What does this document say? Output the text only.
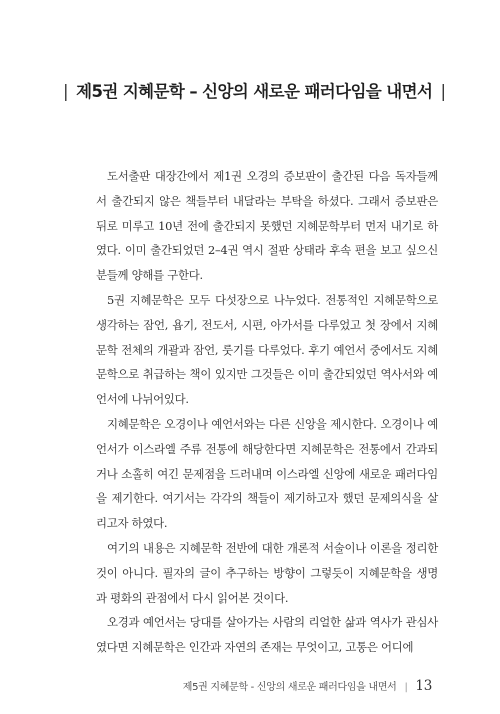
| 제5권 지혜문학 – 신앙의 새로운 패러다임을 내면서 |

도서출판 대장간에서 제1권 오경의 증보판이 출간된 다음 독자들께서 출간되지 않은 책들부터 내달라는 부탁을 하셨다. 그래서 증보판은 뒤로 미루고 10년 전에 출간되지 못했던 지혜문학부터 먼저 내기로 하였다. 이미 출간되었던 2–4권 역시 절판 상태라 후속 편을 보고 싶으신 분들께 양해를 구한다.

5권 지혜문학은 모두 다섯장으로 나누었다. 전통적인 지혜문학으로 생각하는 잠언, 욥기, 전도서, 시편, 아가서를 다루었고 첫 장에서 지혜문학 전체의 개괄과 잠언, 룻기를 다루었다. 후기 예언서 중에서도 지혜문학으로 취급하는 책이 있지만 그것들은 이미 출간되었던 역사서와 예언서에 나뉘어있다.

지혜문학은 오경이나 예언서와는 다른 신앙을 제시한다. 오경이나 예언서가 이스라엘 주류 전통에 해당한다면 지혜문학은 전통에서 간과되거나 소홀히 여긴 문제점을 드러내며 이스라엘 신앙에 새로운 패러다임을 제기한다. 여기서는 각각의 책들이 제기하고자 했던 문제의식을 살리고자 하였다.

여기의 내용은 지혜문학 전반에 대한 개론적 서술이나 이론을 정리한 것이 아니다. 필자의 글이 추구하는 방향이 그렇듯이 지혜문학을 생명과 평화의 관점에서 다시 읽어본 것이다.

오경과 예언서는 당대를 살아가는 사람의 리얼한 삶과 역사가 관심사였다면 지혜문학은 인간과 자연의 존재는 무엇이고, 고통은 어디에

제5권 지혜문학 - 신앙의 새로운 패러다임을 내면서 | 13
